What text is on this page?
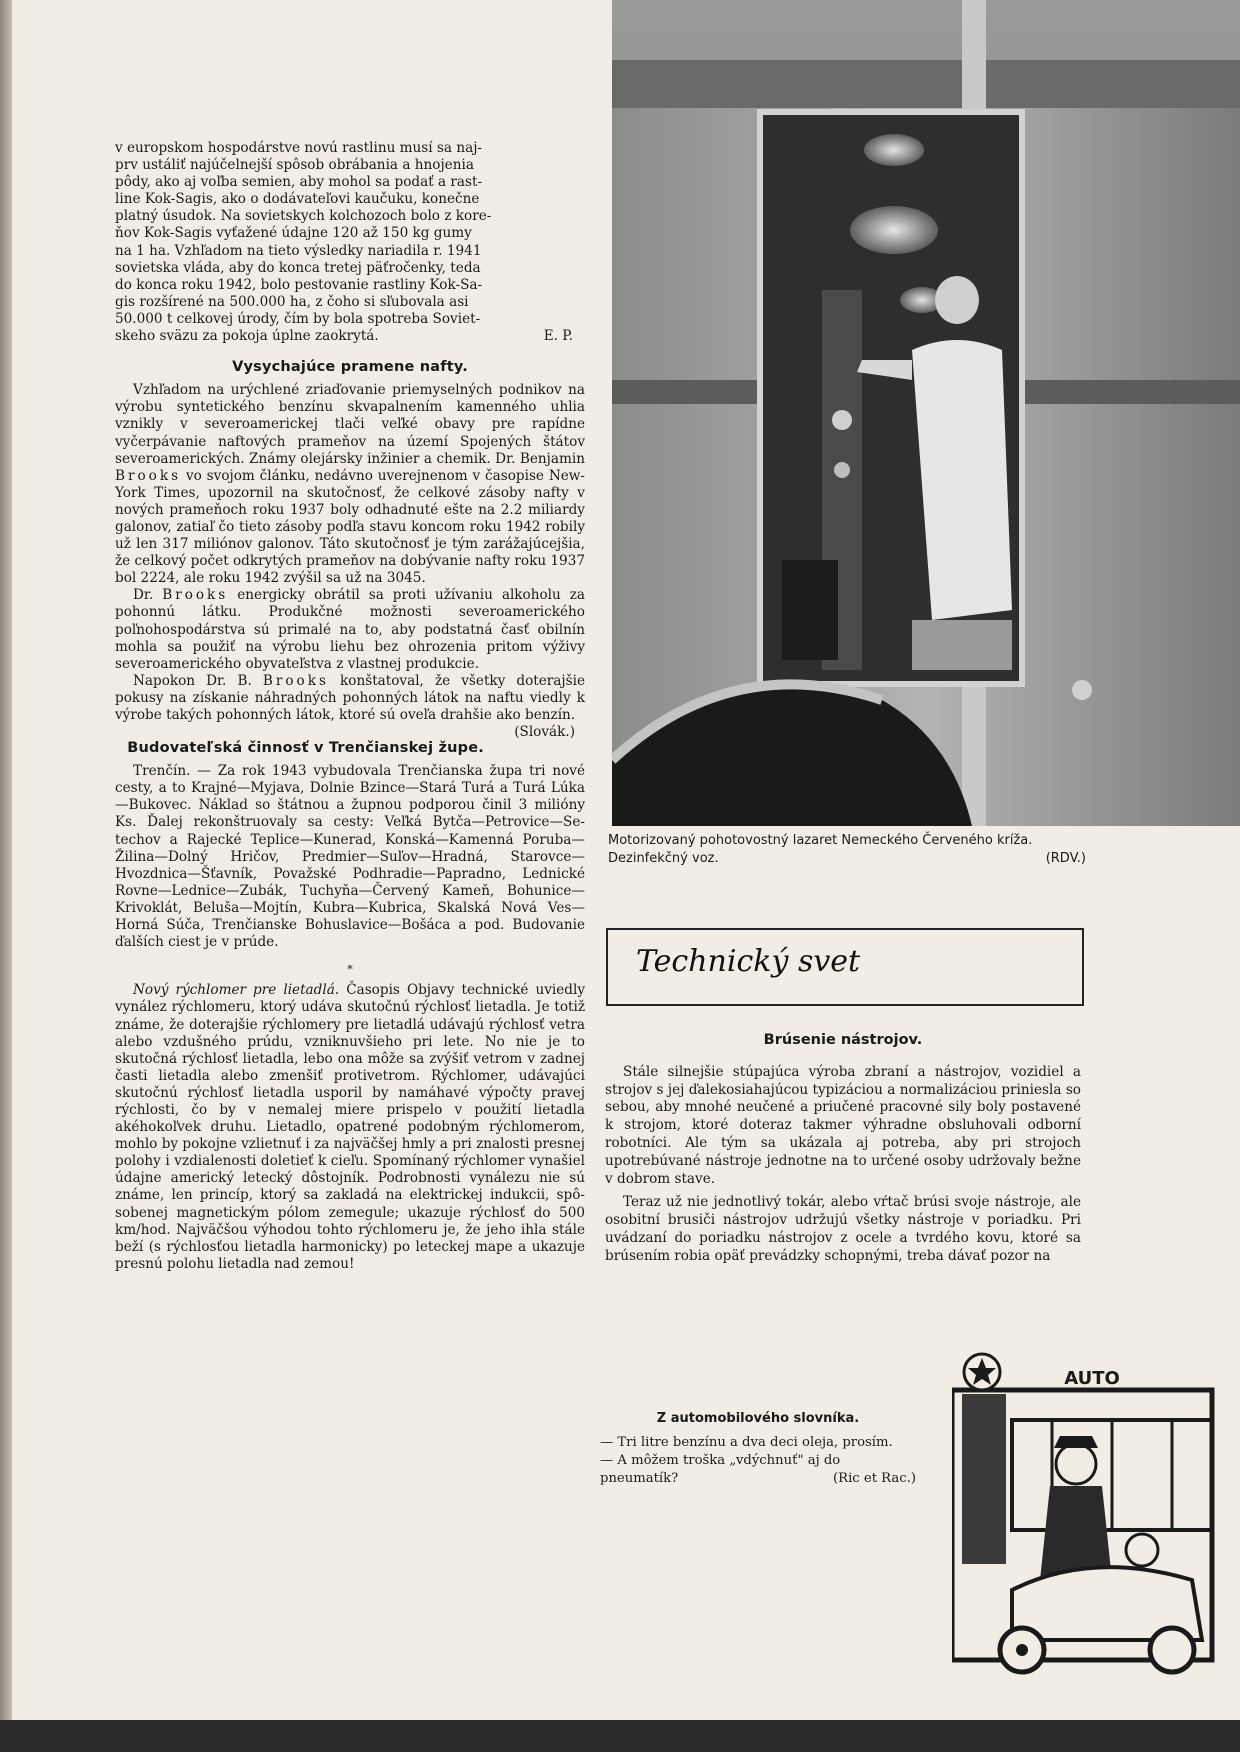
v europskom hospodárstve novú rastlinu musí sa naj-
prv ustáliť najúčelnejší spôsob obrábania a hnojenia
pôdy, ako aj voľba semien, aby mohol sa podať a rast-
line Kok-Sagis, ako o dodávateľovi kaučuku, konečne
platný úsudok. Na sovietskych kolchozoch bolo z kore-
ňov Kok-Sagis vyťažené údajne 120 až 150 kg gumy
na 1 ha. Vzhľadom na tieto výsledky nariadila r. 1941
sovietska vláda, aby do konca tretej päťročenky, teda
do konca roku 1942, bolo pestovanie rastliny Kok-Sa-
gis rozšírené na 500.000 ha, z čoho si sľubovala asi
50.000 t celkovej úrody, čím by bola spotreba Soviet-
skeho sväzu za pokoja úplne zaokrytá.	E. P.
Vysychajúce pramene nafty.

Vzhľadom na urýchlené zriaďovanie priemyselných podnikov na výrobu syntetického benzínu skvapalnením kamenného uhlia vznikly v severoamerickej tlači veľké obavy pre rapídne vyčerpávanie naftových prameňov na území Spojených štátov severoamerických. Známy olejársky inžinier a chemik. Dr. Benjamin Brooks vo svojom článku, nedávno uverejnenom v časopise New-York Times, upozornil na skutočnosť, že celkové zásoby nafty v nových prameňoch roku 1937 boly odhadnuté ešte na 2.2 miliardy galonov, zatiaľ čo tieto zásoby podľa stavu koncom roku 1942 robily už len 317 miliónov galonov. Táto skutočnosť je tým zarážajúcejšia, že celkový počet odkrytých prameňov na dobývanie nafty roku 1937 bol 2224, ale roku 1942 zvýšil sa už na 3045.

Dr. Brooks energicky obrátil sa proti užívaniu alkoholu za pohonnú látku. Produkčné možnosti severoamerického poľnohospodárstva sú primalé na to, aby podstatná časť obilnín mohla sa použiť na výrobu liehu bez ohrozenia pritom výživy severoamerického obyvateľstva z vlastnej produkcie.

Napokon Dr. B. Brooks konštatoval, že všetky doterajšie pokusy na získanie náhradných pohonných látok na naftu viedly k výrobe takých pohonných látok, ktoré sú oveľa drahšie ako benzín.
(Slovák.)

Budovateľská činnosť v Trenčianskej župe.

Trenčín. — Za rok 1943 vybudovala Trenčianska župa tri nové cesty, a to Krajné—Myjava, Dolnie Bzince—Stará Turá a Turá Lúka—Bukovec. Náklad so štátnou a župnou podporou činil 3 milióny Ks. Ďalej rekonštruovaly sa cesty: Veľká Bytča—Petrovice—Setechov a Rajecké Teplice—Kunerad, Konská—Kamenná Poruba—Žilina—Dolný Hričov, Predmier—Suľov—Hradná, Starovce—Hvozdnica—Šťavník, Považské Podhradie—Papradno, Lednické Rovne—Lednice—Zubák, Tuchyňa—Červený Kameň, Bohunice—Krivoklát, Beluša—Mojtín, Kubra—Kubrica, Skalská Nová Ves—Horná Súča, Trenčianske Bohuslavice—Bošáca a pod. Budovanie ďalších ciest je v prúde.

*

Nový rýchlomer pre lietadlá. Časopis Objavy technické uviedly vynález rýchlomeru, ktorý udáva skutočnú rýchlosť lietadla. Je totiž známe, že doterajšie rýchlomery pre lietadlá udávajú rýchlosť vetra alebo vzdušného prúdu, vzniknuvšieho pri lete. No nie je to skutočná rýchlosť lietadla, lebo ona môže sa zvýšiť vetrom v zadnej časti lietadla alebo zmenšiť protivetrom. Rýchlomer, udávajúci skutočnú rýchlosť lietadla usporil by namáhavé výpočty pravej rýchlosti, čo by v nemalej miere prispelo v použití lietadla akéhokoľvek druhu. Lietadlo, opatrené podobným rýchlomerom, mohlo by pokojne vzlietnuť i za najväčšej hmly a pri znalosti presnej polohy i vzdialenosti doletieť k cieľu. Spomínaný rýchlomer vynašiel údajne americký letecký dôstojník. Podrobnosti vynálezu nie sú známe, len princíp, ktorý sa zakladá na elektrickej indukcii, spôsobenej magnetickým pólom zemegule; ukazuje rýchlosť do 500 km/hod. Najväčšou výhodou tohto rýchlomeru je, že jeho ihla stále beží (s rýchlosťou lietadla harmonicky) po leteckej mape a ukazuje presnú polohu lietadla nad zemou!

Motorizovaný pohotovostný lazaret Nemeckého Červeného kríža. Dezinfekčný voz.	(RDV.)
Technický svet
Brúsenie nástrojov.

Stále silnejšie stúpajúca výroba zbraní a nástrojov, vozidiel a strojov s jej ďalekosiahajúcou typizáciou a normalizáciou priniesla so sebou, aby mnohé neučené a priučené pracovné sily boly postavené k strojom, ktoré doteraz takmer výhradne obsluhovali odborní robotníci. Ale tým sa ukázala aj potreba, aby pri strojoch upotrebúvané nástroje jednotne na to určené osoby udržovaly bežne v dobrom stave.

Teraz už nie jednotlivý tokár, alebo vŕtač brúsi svoje nástroje, ale osobitní brusiči nástrojov udržujú všetky nástroje v poriadku. Pri uvádzaní do poriadku nástrojov z ocele a tvrdého kovu, ktoré sa brúsením robia opäť prevádzky schopnými, treba dávať pozor na

Z automobilového slovníka.

— Tri litre benzínu a dva deci oleja, prosím.

— A môžem troška „vdýchnuť" aj do pneumatík?	(Ric et Rac.)

AUTO
